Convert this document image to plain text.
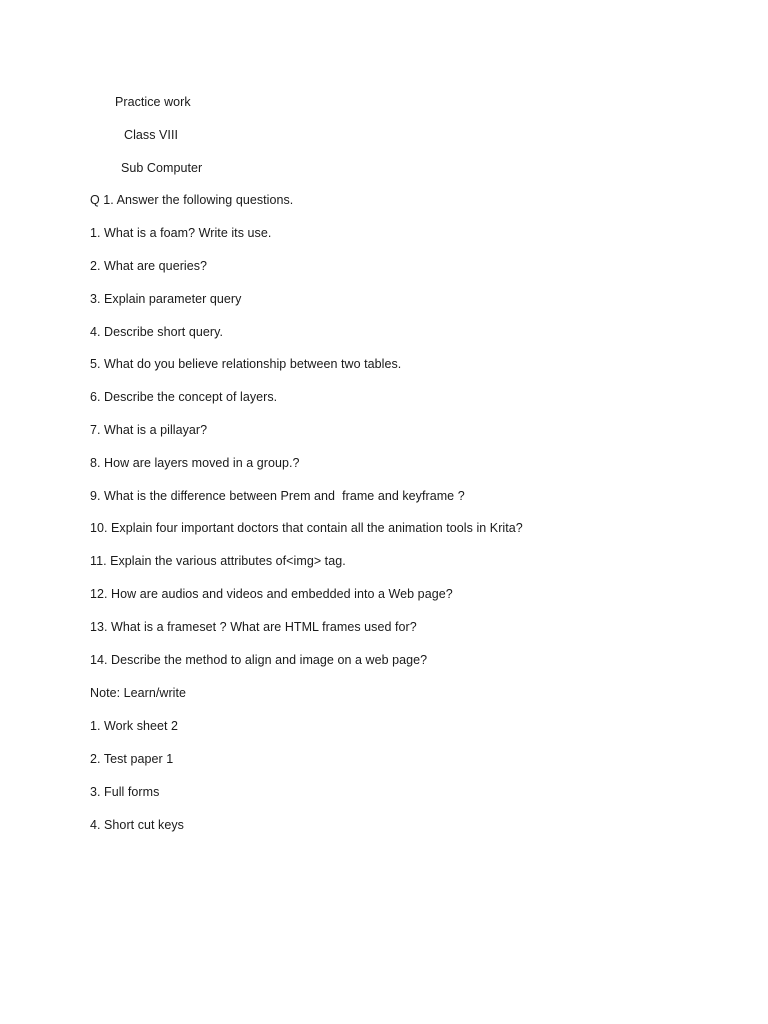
Practice work
Class VIII
Sub Computer
Q 1. Answer the following questions.
1. What is a foam? Write its use.
2. What are queries?
3. Explain parameter query
4. Describe short query.
5. What do you believe relationship between two tables.
6. Describe the concept of layers.
7. What is a pillayar?
8. How are layers moved in a group.?
9. What is the difference between Prem and  frame and keyframe ?
10. Explain four important doctors that contain all the animation tools in Krita?
11. Explain the various attributes of<img> tag.
12. How are audios and videos and embedded into a Web page?
13. What is a frameset ? What are HTML frames used for?
14. Describe the method to align and image on a web page?
Note: Learn/write
1. Work sheet 2
2. Test paper 1
3. Full forms
4. Short cut keys
